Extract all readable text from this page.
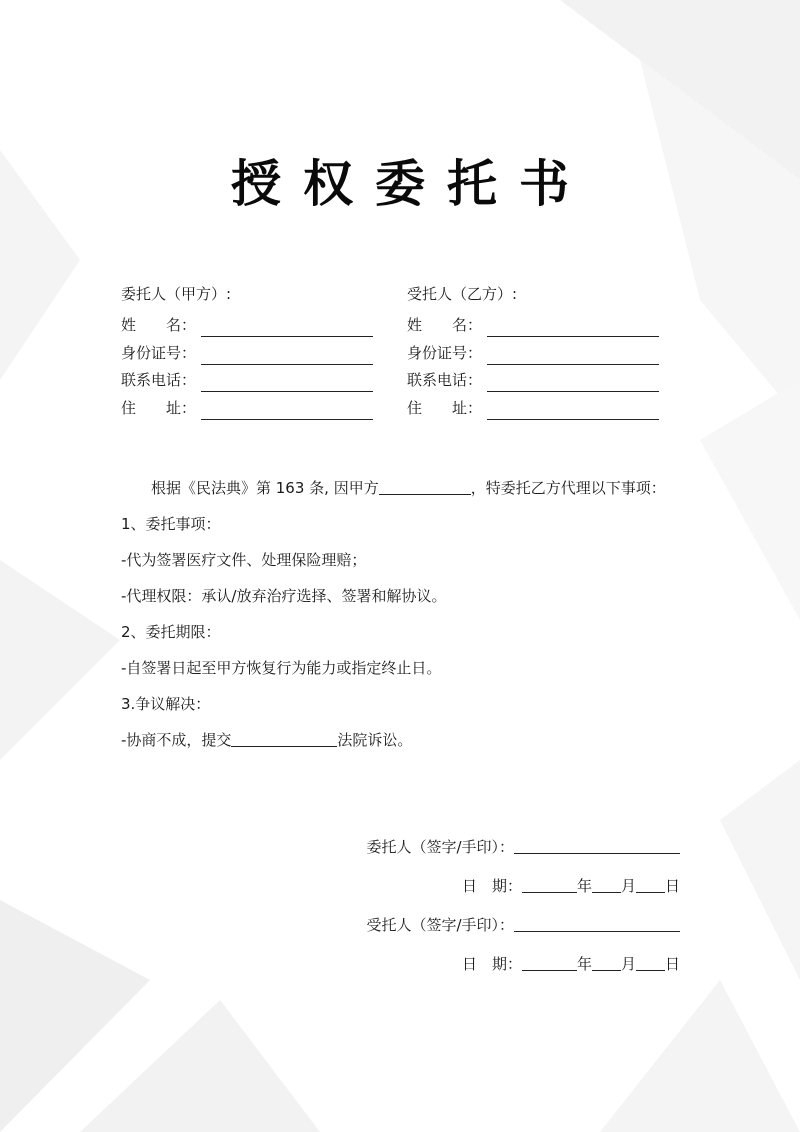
授权委托书
委托人（甲方）:
姓　　名：
身份证号：
联系电话：
住　　址：
受托人（乙方）:
姓　　名：
身份证号：
联系电话：
住　　址：
根据《民法典》第 163 条, 因甲方	，特委托乙方代理以下事项：
1、委托事项：
-代为签署医疗文件、处理保险理赔；
-代理权限：承认/放弃治疗选择、签署和解协议。
2、委托期限：
-自签署日起至甲方恢复行为能力或指定终止日。
3.争议解决：
-协商不成，提交	法院诉讼。
委托人（签字/手印）：
日　期：	年 月 日
受托人（签字/手印）：
日　期：	年 月 日
